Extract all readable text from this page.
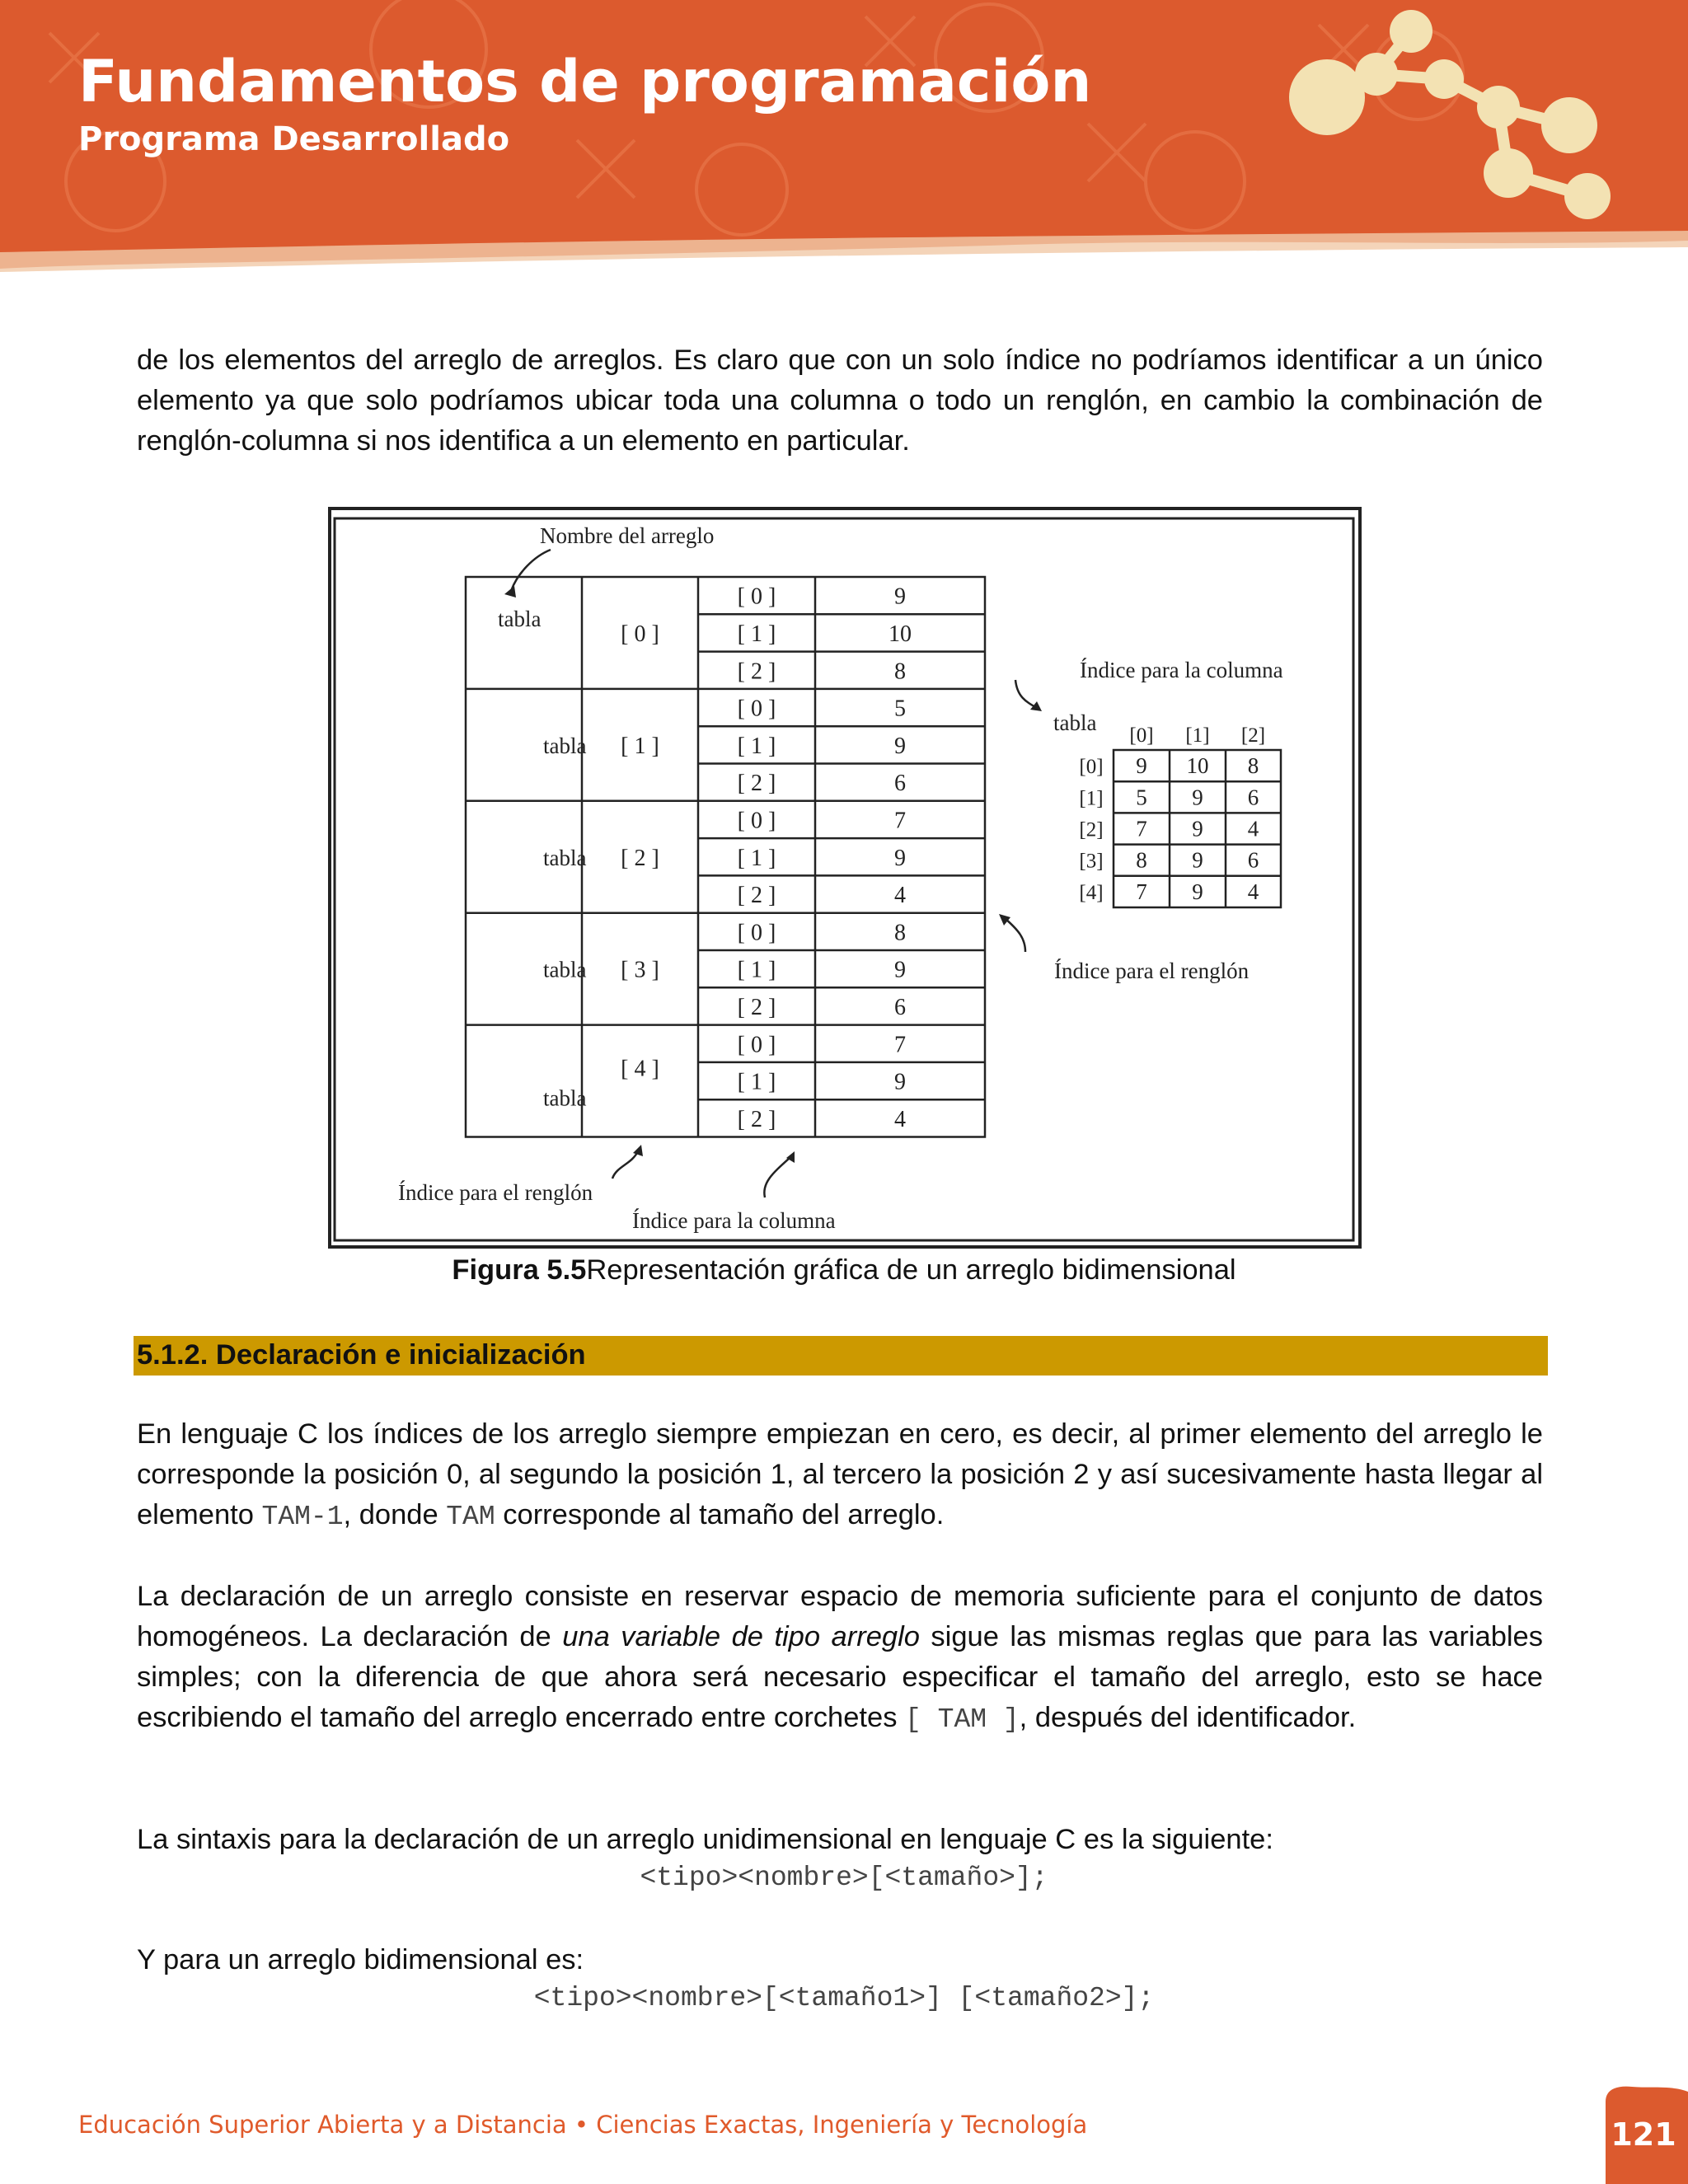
Fundamentos de programación
Programa Desarrollado
de los elementos del arreglo de arreglos. Es claro que con un solo índice no podríamos identificar a un único elemento ya que solo podríamos ubicar toda una columna o todo un renglón, en cambio la combinación de renglón-columna si nos identifica a un elemento en particular.
tabla
[ 0 ]
[ 0 ]	9
[ 1 ]	10
[ 2 ]	8
tabla [ 1 ]
[ 0 ]	5
[ 1 ]	9
[ 2 ]	6
tabla [ 2 ]
[ 0 ]	7
[ 1 ]	9
[ 2 ]	4
tabla [ 3 ]
[ 0 ]	8
[ 1 ]	9
[ 2 ]	6
tabla
[ 4 ]
[ 0 ]	7
[ 1 ]	9
[ 2 ]	4
tabla
[0] [1] [2]
[0] 9 10 8
[1] 5 9 6
[2] 7 9 4
[3] 8 9 6
[4] 7 9 4
Nombre del arreglo
Índice para la columna
Índice para el renglón
Índice para el renglón
Índice para la columna
Figura 5.5Representación gráfica de un arreglo bidimensional
5.1.2. Declaración e inicialización
En lenguaje C los índices de los arreglo siempre empiezan en cero, es decir, al primer elemento del arreglo le corresponde la posición 0, al segundo la posición 1, al tercero la posición 2 y así sucesivamente hasta llegar al elemento TAM-1, donde TAM corresponde al tamaño del arreglo.
La declaración de un arreglo consiste en reservar espacio de memoria suficiente para el conjunto de datos homogéneos. La declaración de una variable de tipo arreglo sigue las mismas reglas que para las variables simples; con la diferencia de que ahora será necesario especificar el tamaño del arreglo, esto se hace escribiendo el tamaño del arreglo encerrado entre corchetes [ TAM ], después del identificador.
La sintaxis para la declaración de un arreglo unidimensional en lenguaje C es la siguiente:
<tipo><nombre>[<tamaño>];
Y para un arreglo bidimensional es:
<tipo><nombre>[<tamaño1>] [<tamaño2>];
Educación Superior Abierta y a Distancia • Ciencias Exactas, Ingeniería y Tecnología	121
